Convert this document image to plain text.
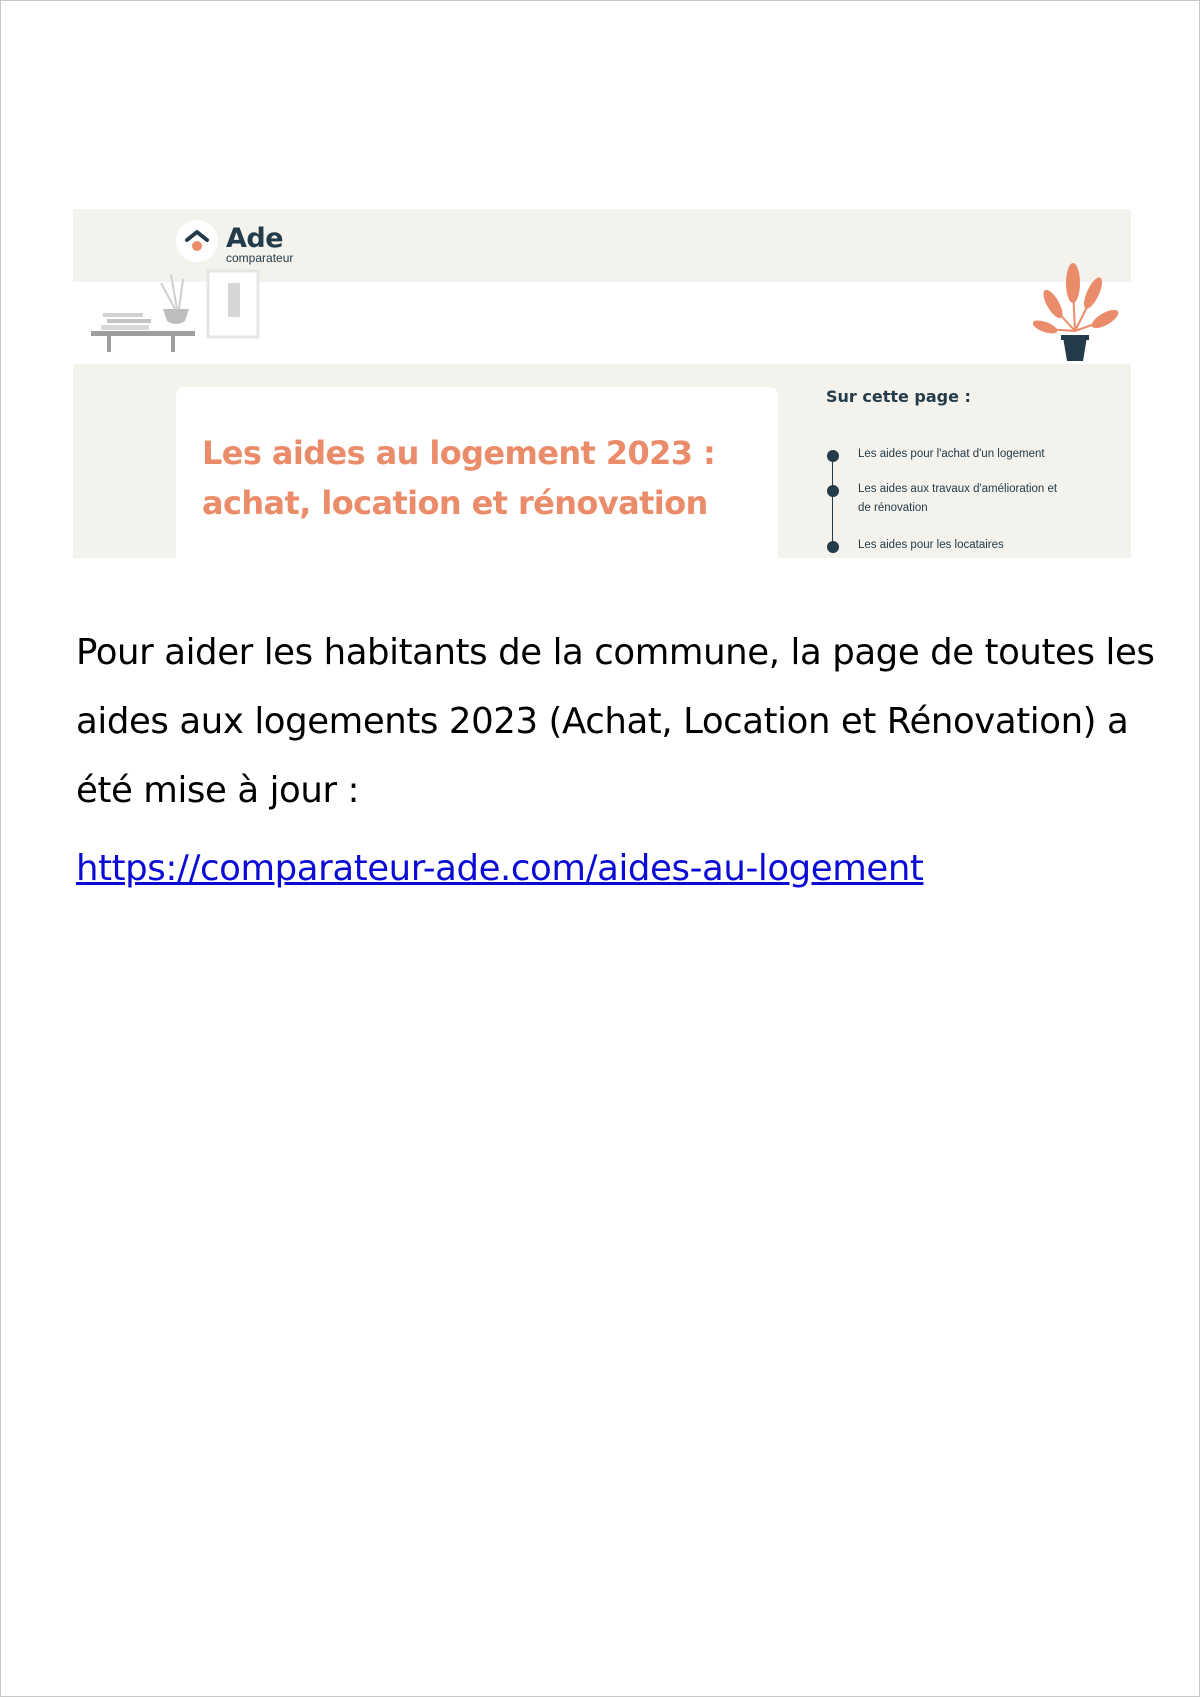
Ade
comparateur
Les aides au logement 2023 : achat, location et rénovation
Sur cette page :
Les aides pour l'achat d'un logement
Les aides aux travaux d'amélioration et de rénovation
Les aides pour les locataires

Pour aider les habitants de la commune, la page de toutes les aides aux logements 2023 (Achat, Location et Rénovation) a été mise à jour :

https://comparateur-ade.com/aides-au-logement
